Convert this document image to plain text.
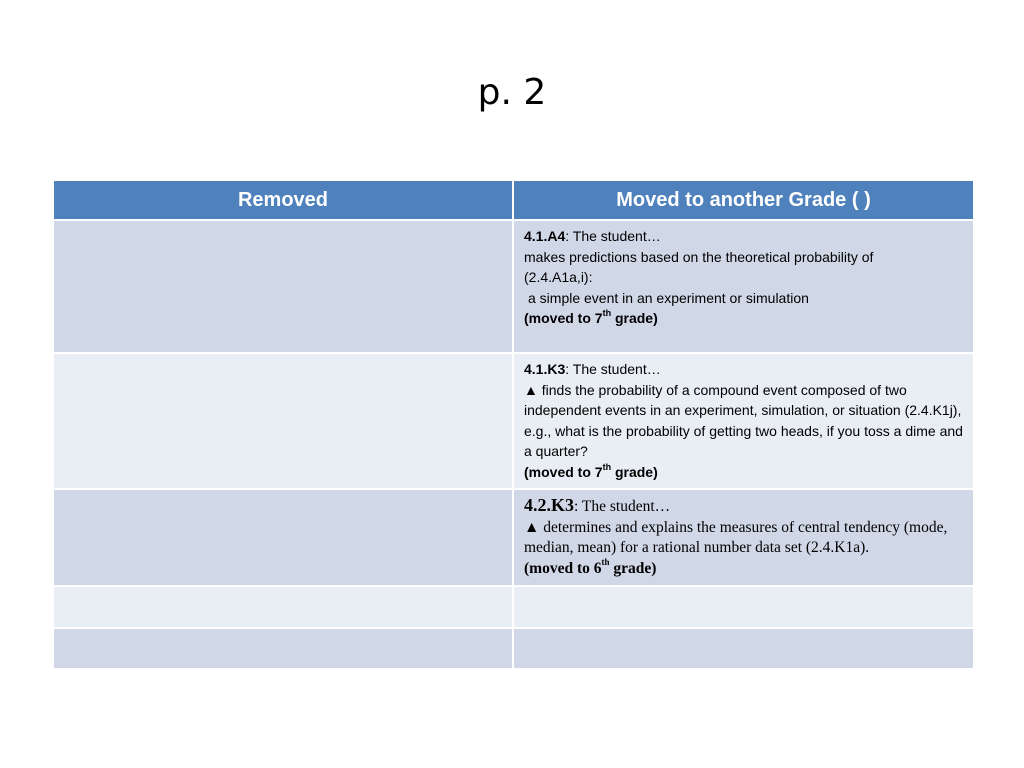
p. 2
Removed	Moved to another Grade ( )

	4.1.A4: The student…
makes predictions based on the theoretical probability of
(2.4.A1a,i):
a simple event in an experiment or simulation
(moved to 7th grade)

	4.1.K3: The student…
▲ finds the probability of a compound event composed of two independent events in an experiment, simulation, or situation (2.4.K1j), e.g., what is the probability of getting two heads, if you toss a dime and a quarter?
(moved to 7th grade)

	4.2.K3: The student…
▲ determines and explains the measures of central tendency (mode, median, mean) for a rational number data set (2.4.K1a).
(moved to 6th grade)
